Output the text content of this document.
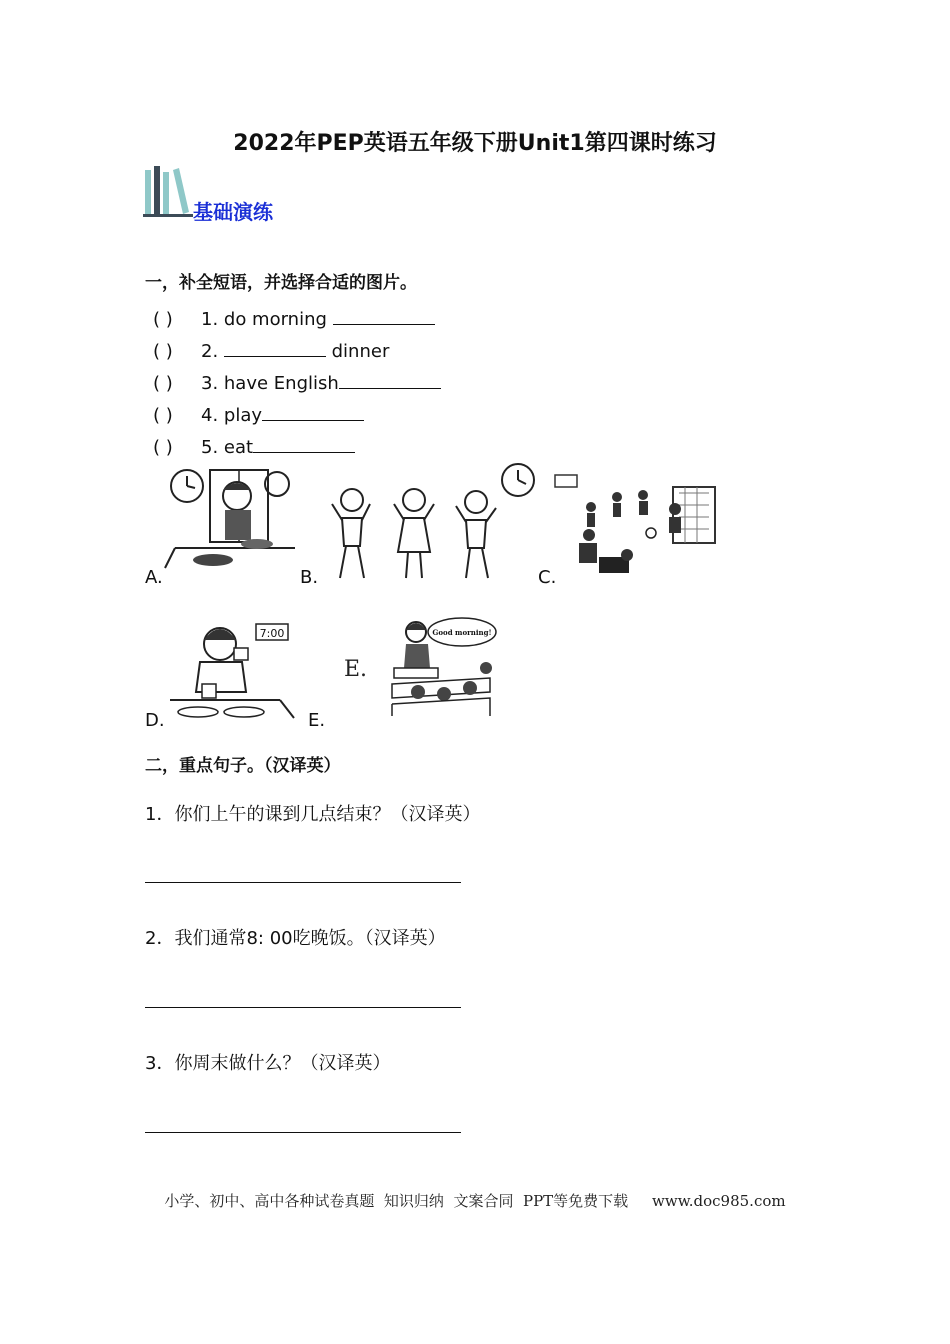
2022年PEP英语五年级下册Unit1第四课时练习
基础演练
一，补全短语，并选择合适的图片。
( ) 1. do morning
( ) 2.	dinner
( ) 3. have English
( ) 4. play
( ) 5. eat
A.	B.	C.
D.
7:00
E.
E.
Good morning!
二，重点句子。（汉译英）
1．你们上午的课到几点结束？（汉译英）
2．我们通常8: 00吃晚饭。（汉译英）
3．你周末做什么？（汉译英）
小学、初中、高中各种试卷真题  知识归纳  文案合同  PPT等免费下载     www.doc985.com
